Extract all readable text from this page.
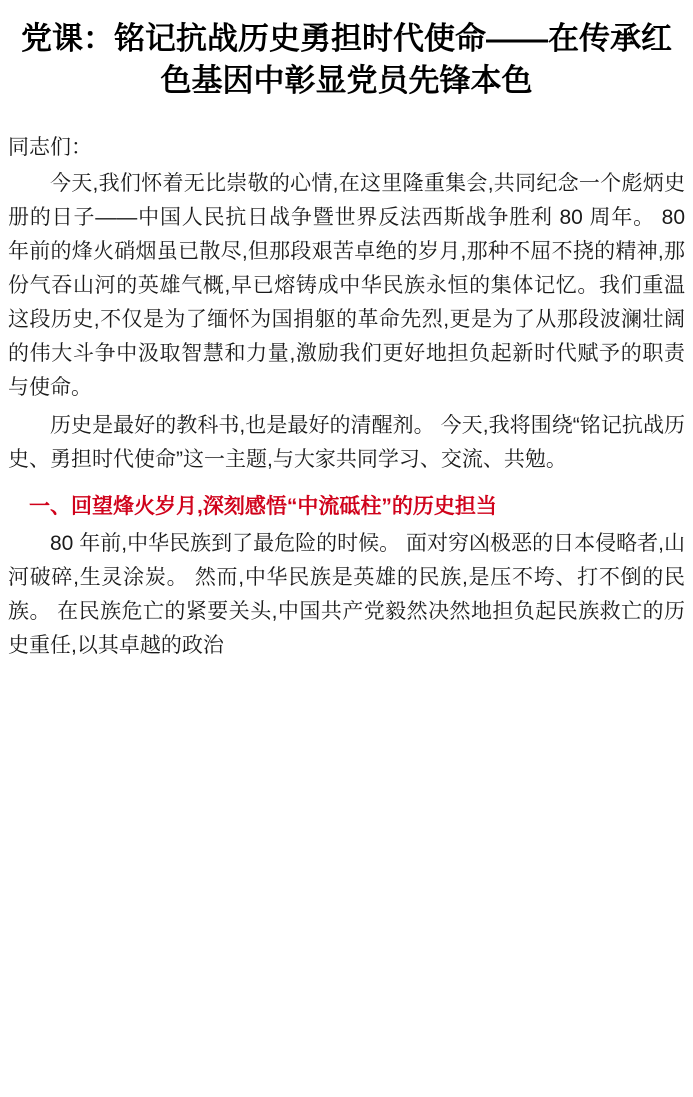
党课：铭记抗战历史勇担时代使命——在传承红色基因中彰显党员先锋本色
同志们：

今天,我们怀着无比崇敬的心情,在这里隆重集会,共同纪念一个彪炳史册的日子——中国人民抗日战争暨世界反法西斯战争胜利 80 周年。 80 年前的烽火硝烟虽已散尽,但那段艰苦卓绝的岁月,那种不屈不挠的精神,那份气吞山河的英雄气概,早已熔铸成中华民族永恒的集体记忆。我们重温这段历史,不仅是为了缅怀为国捐躯的革命先烈,更是为了从那段波澜壮阔的伟大斗争中汲取智慧和力量,激励我们更好地担负起新时代赋予的职责与使命。

历史是最好的教科书,也是最好的清醒剂。 今天,我将围绕“铭记抗战历史、勇担时代使命”这一主题,与大家共同学习、交流、共勉。

一、回望烽火岁月,深刻感悟“中流砥柱”的历史担当

80 年前,中华民族到了最危险的时候。 面对穷凶极恶的日本侵略者,山河破碎,生灵涂炭。 然而,中华民族是英雄的民族,是压不垮、打不倒的民族。 在民族危亡的紧要关头,中国共产党毅然决然地担负起民族救亡的历史重任,以其卓越的政治
